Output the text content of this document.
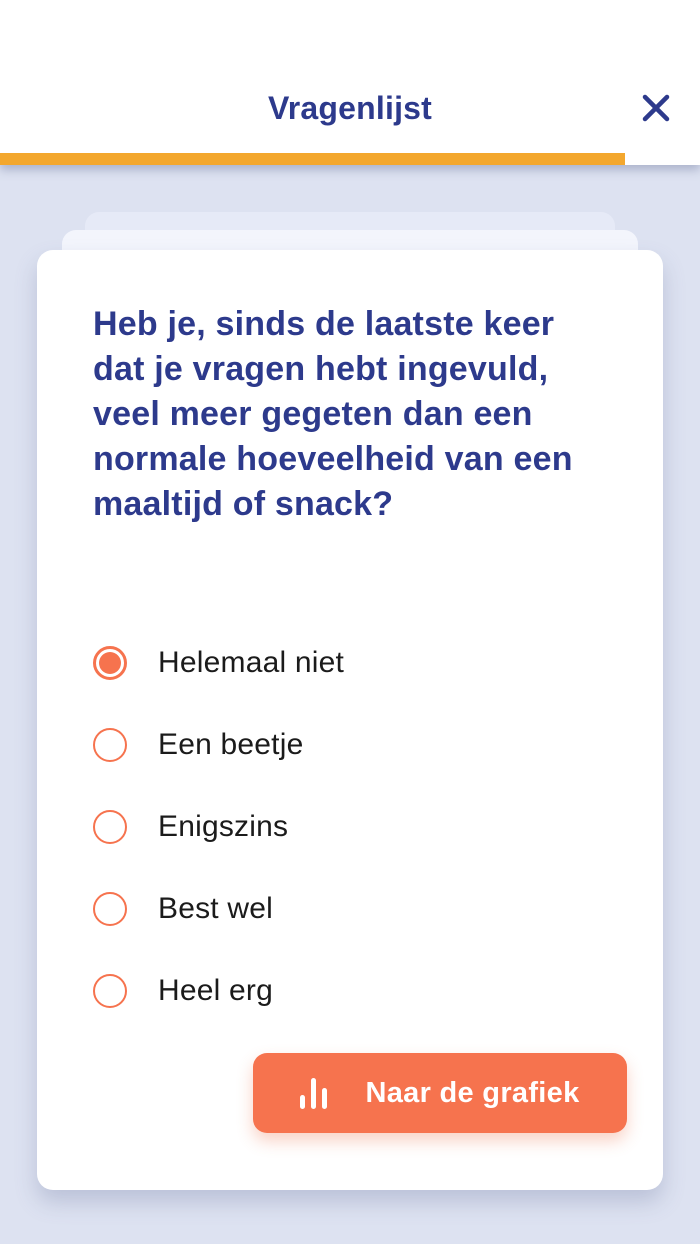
Vragenlijst
Heb je, sinds de laatste keer dat je vragen hebt ingevuld, veel meer gegeten dan een normale hoeveelheid van een maaltijd of snack?
Helemaal niet
Een beetje
Enigszins
Best wel
Heel erg
Naar de grafiek
